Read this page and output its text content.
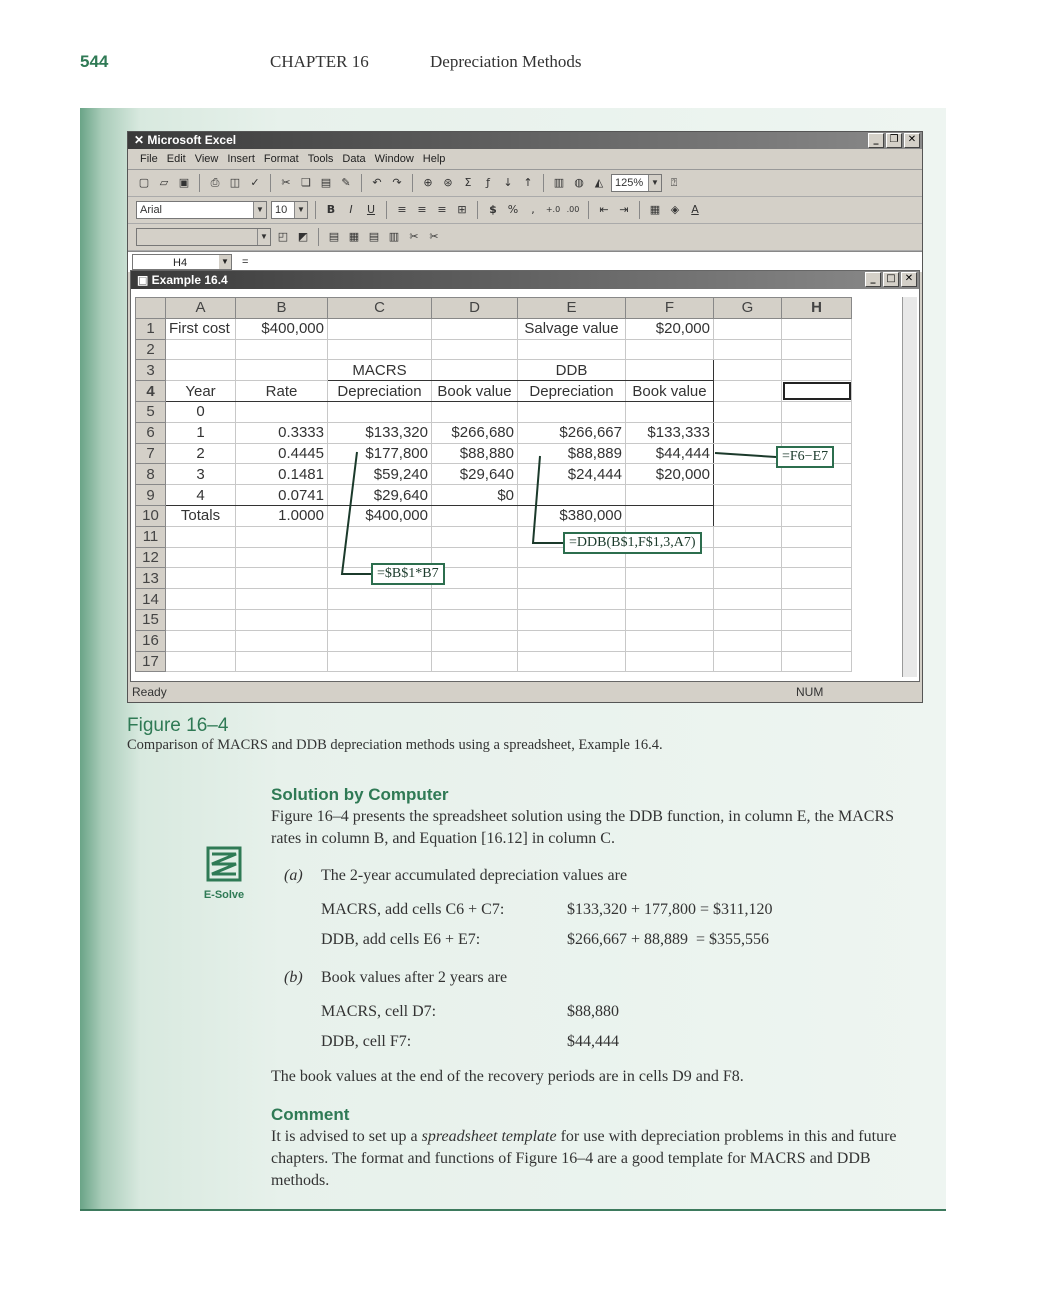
544	CHAPTER 16	Depreciation Methods
✕ Microsoft Excel	_	❐ ✕
File Edit View Insert Format Tools Data Window Help
▢ ▱ ▣	⎙ ◫ ✓	✂ ❏ ▤ ✎	↶ ↷	⊕ ⊛	Σ	ƒ	↓ ↑	▥ ◍ ◭	125% ▼	⍰
Arial	▼	10	▼	B	I	U	≡ ≡ ≡ ⊞	$ %	,	+.0 .00	⇤ ⇥	▦ ◈	A
▼ ◰ ◩ ▤ ▦ ▤ ▥ ✂ ✂
H4	▼ =
▣ Example 16.4	_	□ ✕
	A	B	C	D	E	F	G	H
1	First cost	$400,000			Salvage value	$20,000		
2								
3			MACRS		DDB			
4	Year	Rate	Depreciation	Book value	Depreciation	Book value		
5	0							
6	1	0.3333	$133,320	$266,680	$266,667	$133,333		
7	2	0.4445	$177,800	$88,880	$88,889	$44,444		
8	3	0.1481	$59,240	$29,640	$24,444	$20,000		
9	4	0.0741	$29,640	$0				
10	Totals	1.0000	$400,000		$380,000			
11								
12								
13								
14								
15								
16								
17								
Ready	NUM
=F6−E7
=DDB(B$1,F$1,3,A7)
=$B$1*B7
Figure 16–4
Comparison of MACRS and DDB depreciation methods using a spreadsheet, Example 16.4.
Solution by Computer
Figure 16–4 presents the spreadsheet solution using the DDB function, in column E, the MACRS rates in column B, and Equation [16.12] in column C.
E-Solve
(a) The 2-year accumulated depreciation values are
MACRS, add cells C6 + C7:	$133,320 + 177,800 = $311,120
DDB, add cells E6 + E7:	$266,667 + 88,889  = $355,556
(b) Book values after 2 years are
MACRS, cell D7:	$88,880
DDB, cell F7:	$44,444
The book values at the end of the recovery periods are in cells D9 and F8.
Comment
It is advised to set up a spreadsheet template for use with depreciation problems in this and future chapters. The format and functions of Figure 16–4 are a good template for MACRS and DDB methods.
